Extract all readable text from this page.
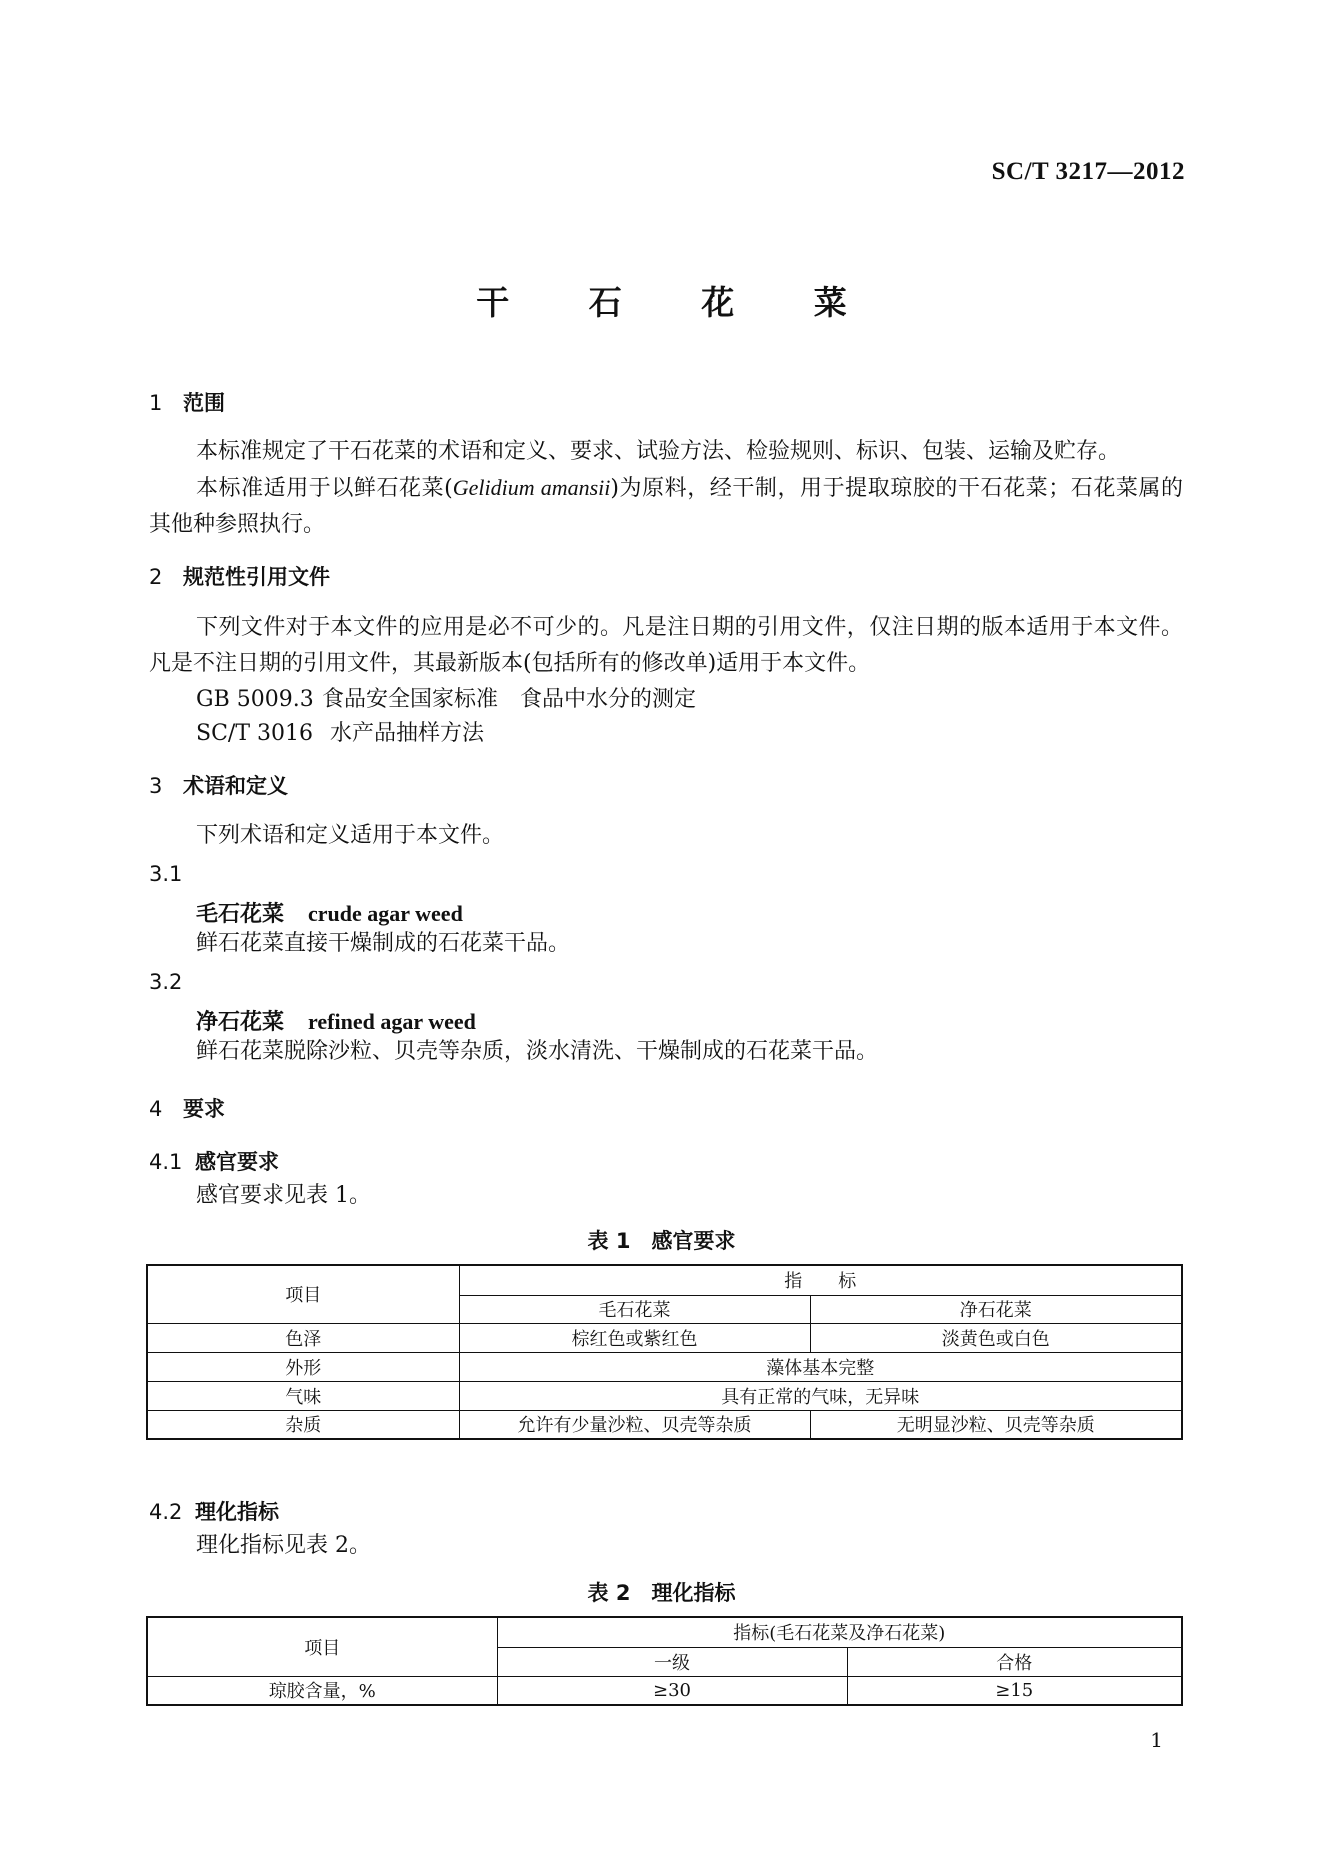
SC/T 3217—2012
干 石 花 菜
1 范围
本标准规定了干石花菜的术语和定义、要求、试验方法、检验规则、标识、包装、运输及贮存。
本标准适用于以鲜石花菜(Gelidium amansii)为原料，经干制，用于提取琼胶的干石花菜；石花菜属的其他种参照执行。
2 规范性引用文件
下列文件对于本文件的应用是必不可少的。凡是注日期的引用文件，仅注日期的版本适用于本文件。凡是不注日期的引用文件，其最新版本(包括所有的修改单)适用于本文件。
GB 5009.3 食品安全国家标准　食品中水分的测定
SC/T 3016 水产品抽样方法
3 术语和定义
下列术语和定义适用于本文件。
3.1
毛石花菜 crude agar weed
鲜石花菜直接干燥制成的石花菜干品。
3.2
净石花菜 refined agar weed
鲜石花菜脱除沙粒、贝壳等杂质，淡水清洗、干燥制成的石花菜干品。
4 要求
4.1 感官要求
感官要求见表 1。
表 1　感官要求
项目	指　　标	
	毛石花菜	净石花菜
色泽	棕红色或紫红色	淡黄色或白色
外形	藻体基本完整	
气味	具有正常的气味，无异味	
杂质	允许有少量沙粒、贝壳等杂质	无明显沙粒、贝壳等杂质
4.2 理化指标
理化指标见表 2。
表 2　理化指标
项目	指标(毛石花菜及净石花菜)	
	一级	合格
琼胶含量，%	≥30	≥15
1
